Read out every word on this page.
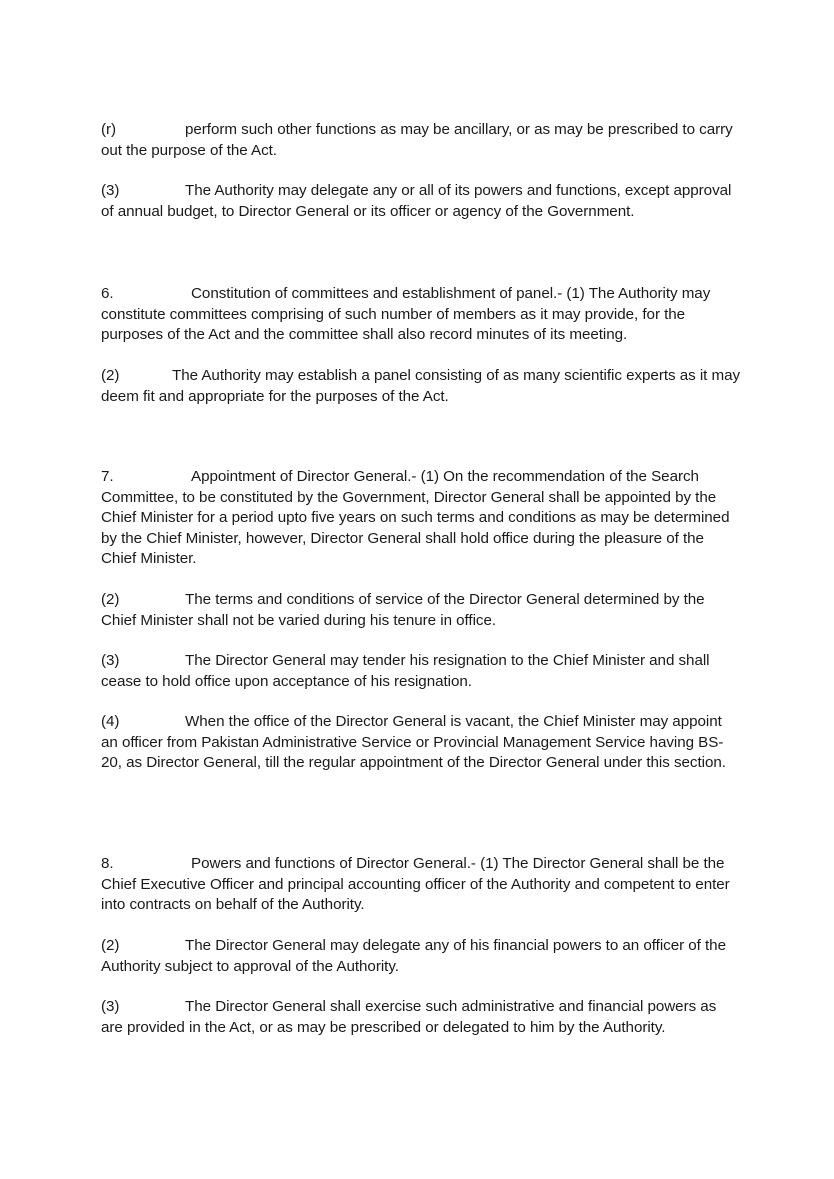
(r)	perform such other functions as may be ancillary, or as may be prescribed to carry out the purpose of the Act.

(3)	The Authority may delegate any or all of its powers and functions, except approval of annual budget, to Director General or its officer or agency of the Government.

6.	Constitution of committees and establishment of panel.- (1) The Authority may constitute committees comprising of such number of members as it may provide, for the purposes of the Act and the committee shall also record minutes of its meeting.

(2)	The Authority may establish a panel consisting of as many scientific experts as it may deem fit and appropriate for the purposes of the Act.

7.	Appointment of Director General.- (1) On the recommendation of the Search Committee, to be constituted by the Government, Director General shall be appointed by the Chief Minister for a period upto five years on such terms and conditions as may be determined by the Chief Minister, however, Director General shall hold office during the pleasure of the Chief Minister.

(2)	The terms and conditions of service of the Director General determined by the Chief Minister shall not be varied during his tenure in office.

(3)	The Director General may tender his resignation to the Chief Minister and shall cease to hold office upon acceptance of his resignation.

(4)	When the office of the Director General is vacant, the Chief Minister may appoint an officer from Pakistan Administrative Service or Provincial Management Service having BS-20, as Director General, till the regular appointment of the Director General under this section.

8.	Powers and functions of Director General.- (1) The Director General shall be the Chief Executive Officer and principal accounting officer of the Authority and competent to enter into contracts on behalf of the Authority.

(2)	The Director General may delegate any of his financial powers to an officer of the Authority subject to approval of the Authority.

(3)	The Director General shall exercise such administrative and financial powers as are provided in the Act, or as may be prescribed or delegated to him by the Authority.
